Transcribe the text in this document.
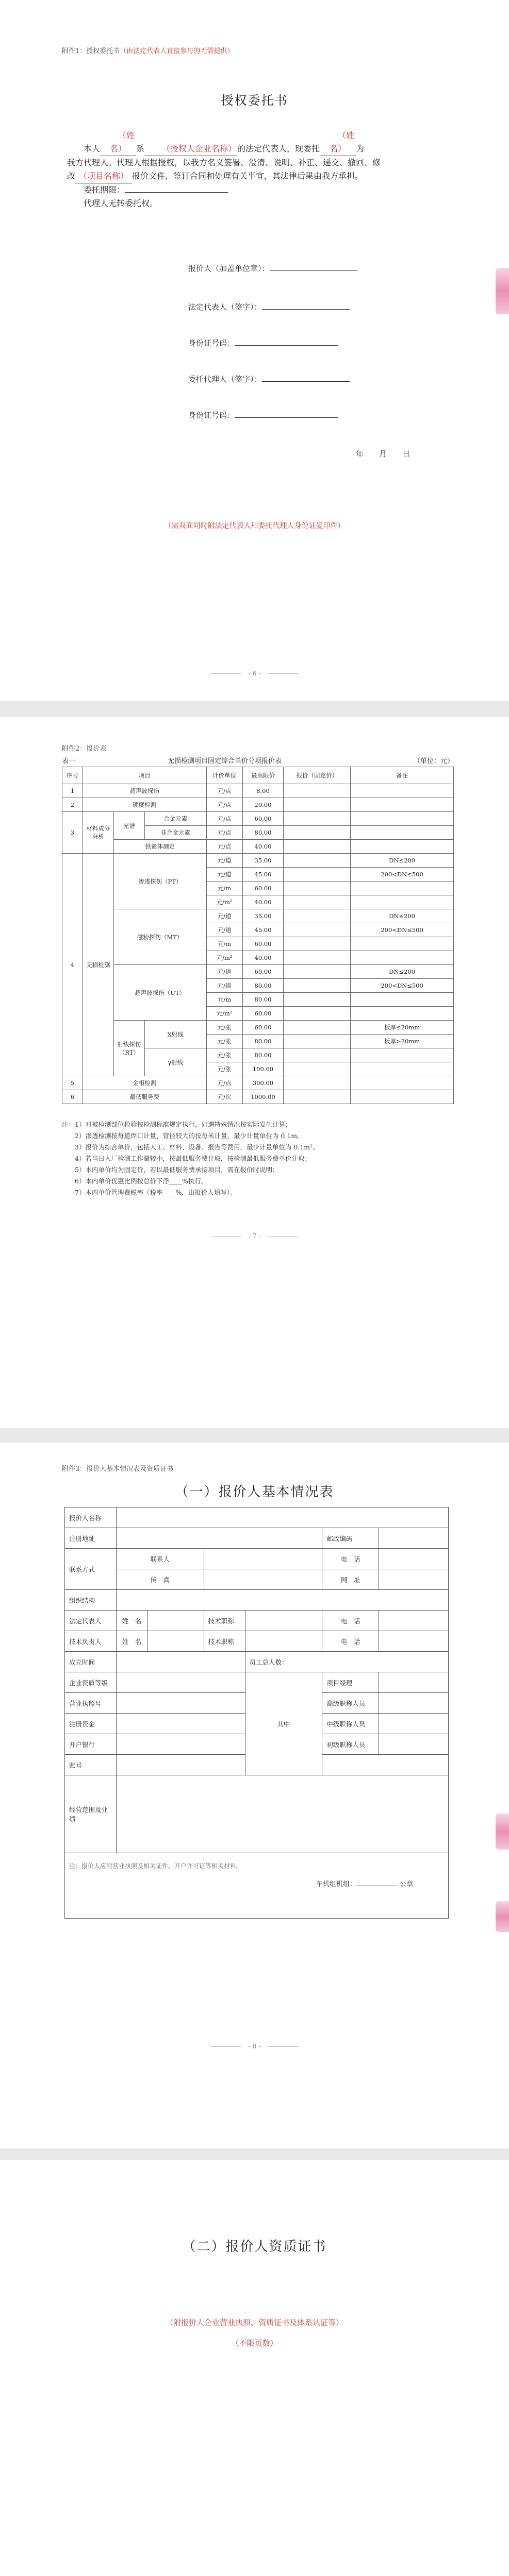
附件1：授权委托书（由法定代表人直接参与的无需提供）
授权委托书
本人（姓名） 系 （授权人企业名称） 的法定代表人，现委托（姓名） 为
我方代理人。代理人根据授权，以我方名义签署、澄清、说明、补正、递交、撤回、修
改 （项目名称） 报价文件，签订合同和处理有关事宜，其法律后果由我方承担。
委托期限：
代理人无转委托权。
报价人（加盖单位章）：
法定代表人（签字）：
身份证号码：
委托代理人（签字）：
身份证号码：
年　　月　　日
（需双面同时附法定代表人和委托代理人身份证复印件）
- 6 -
附件2：报价表
表一	无损检测项目固定综合单价分项报价表	（单位：元）
序号	项目			计价单位	最高限价	报价（固定价）	备注
1	超声波探伤			元/点	8.00		
2	硬度检测			元/点	20.00		
3	材料成分分析	光谱	合金元素	元/点	60.00		
			非合金元素	元/点	80.00		
		铁素体测定		元/点	40.00		
4	无损检测	渗透探伤（PT）		元/道	35.00		DN≤200
				元/道	45.00		200<DN≤500
				元/m	60.00		
				元/m²	40.00		
		磁粉探伤（MT）		元/道	35.00		DN≤200
				元/道	45.00		200<DN≤500
				元/m	60.00		
				元/m²	40.00		
		超声波探伤（UT）		元/道	60.00		DN≤200
				元/道	80.00		200<DN≤500
				元/m	80.00		
				元/m²	60.00		
		射线探伤（RT）	X射线	元/张	60.00		板厚≤20mm
				元/张	80.00		板厚>20mm
			γ射线	元/张	80.00		
				元/张	100.00		
5	金相检测			元/点	300.00		
6	最低服务费			元/次	1000.00		
注：1）对被检测部位检验按检测标准规定执行，如遇特殊情况按实际发生计算；
　　2）渗透检测按每道焊口计量，管径较大的按每米计量，最少计量单位为 0.1m。
　　3）报价为综合单价，包括人工、材料、设备、报告等费用，最少计量单位为 0.1m²。
　　4）若当日入厂检测工作量较小，按最低服务费计取，按检测最低服务费单价计取；
　　5）本内单价均为固定价，若以最低服务费承接项目，需在报价时说明；
　　6）本内单价优惠比例按总价下浮____%执行。
　　7）本内单价管理费税率（税率____%，由报价人填写）。
- 7 -
附件3：报价人基本情况表及资质证书
（一）报价人基本情况表
报价人名称						
注册地址					邮政编码	
联系方式	联系人				电　话	
	传　真				网　址	
组织结构						
法定代表人	姓　名		技术职称		电　话	
技术负责人	姓　名		技术职称		电　话	
成立时间				员工总人数：		
企业资质等级				其中	项目经理	
营业执照号					高级职称人员	
注册资金					中级职称人员	
开户银行					初级职称人员	
账号						
经营范围及业绩						

注：报价人应附营业执照及相关证件、开户许可证等相关材料。
车机组机组： 公章						
- 8 -
（二）报价人资质证书
（附报价人企业营业执照、资质证书及体系认证等）
（不限页数）
